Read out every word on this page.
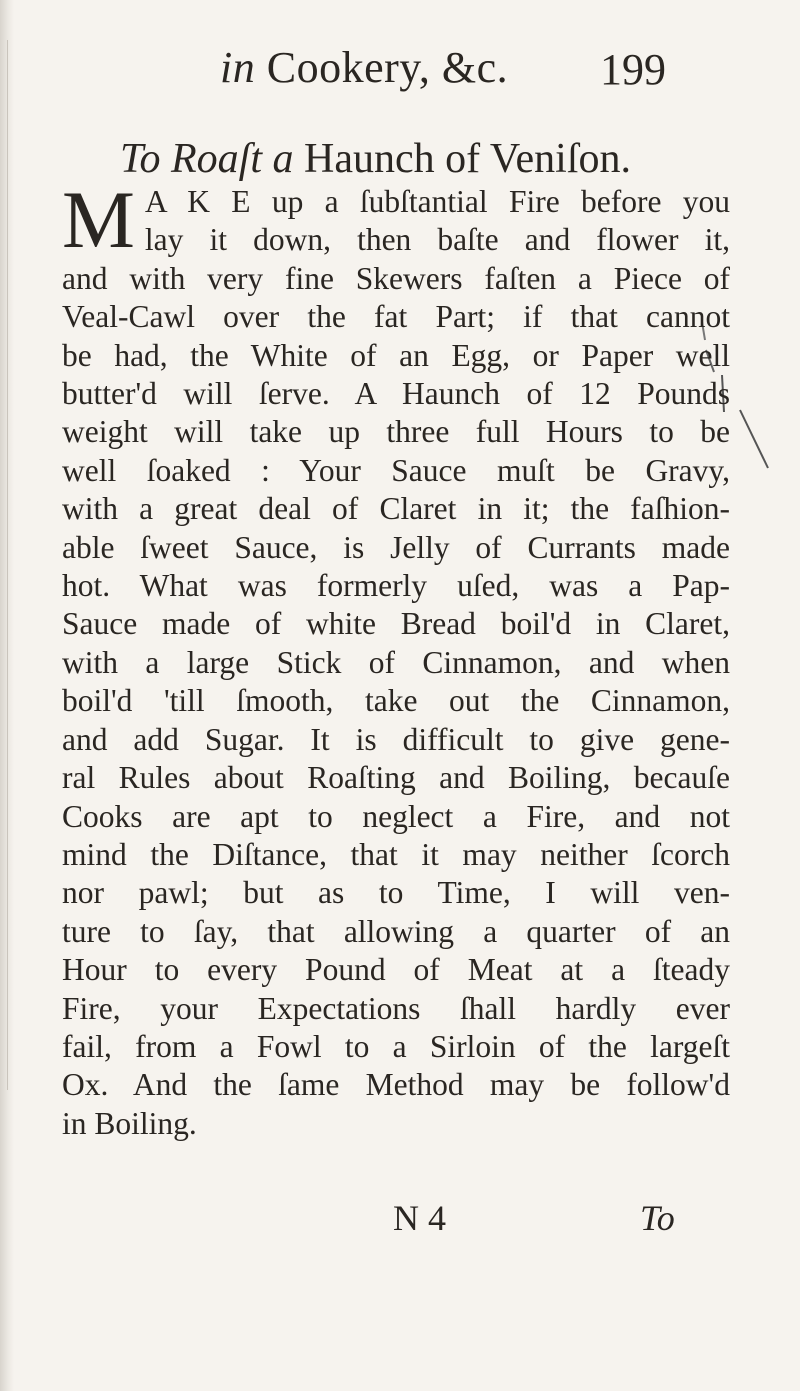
in Cookery, &c. 199
To Roaſt a Haunch of Veniſon.
M A K E up a ſubſtantial Fire before you
lay it down, then baſte and flower it,
and with very fine Skewers faſten a Piece of
Veal-Cawl over the fat Part; if that cannot
be had, the White of an Egg, or Paper well
butter'd will ſerve. A Haunch of 12 Pounds
weight will take up three full Hours to be
well ſoaked : Your Sauce muſt be Gravy,
with a great deal of Claret in it; the faſhion-
able ſweet Sauce, is Jelly of Currants made
hot. What was formerly uſed, was a Pap-
Sauce made of white Bread boil'd in Claret,
with a large Stick of Cinnamon, and when
boil'd 'till ſmooth, take out the Cinnamon,
and add Sugar. It is difficult to give gene-
ral Rules about Roaſting and Boiling, becauſe
Cooks are apt to neglect a Fire, and not
mind the Diſtance, that it may neither ſcorch
nor pawl; but as to Time, I will ven-
ture to ſay, that allowing a quarter of an
Hour to every Pound of Meat at a ſteady
Fire, your Expectations ſhall hardly ever
fail, from a Fowl to a Sirloin of the largeſt
Ox. And the ſame Method may be follow'd
in Boiling.
N 4	To
